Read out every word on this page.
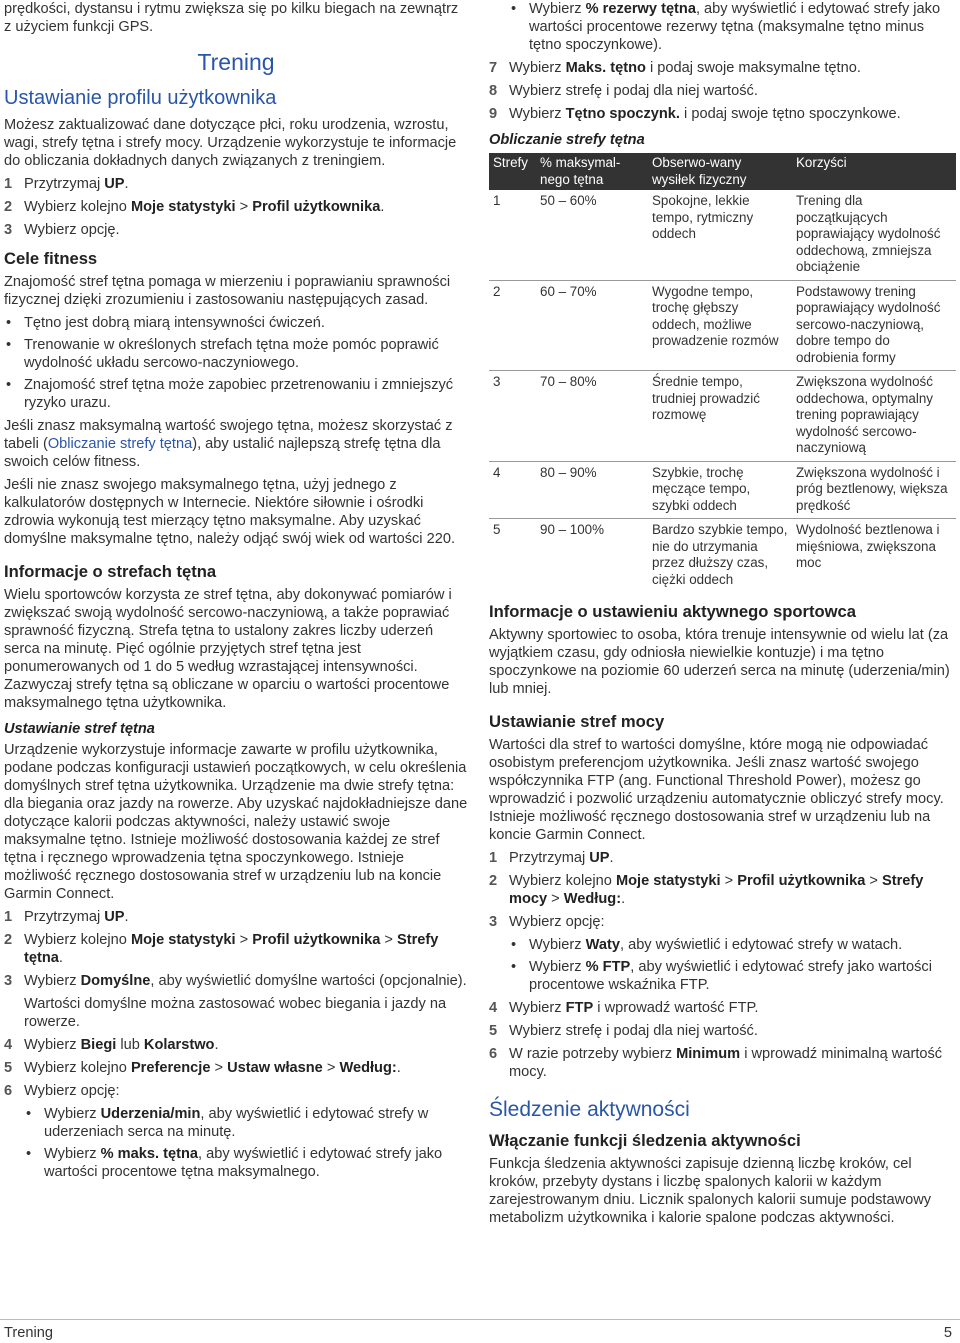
prędkości, dystansu i rytmu zwiększa się po kilku biegach na zewnątrz z użyciem funkcji GPS.

Trening
Ustawianie profilu użytkownika

Możesz zaktualizować dane dotyczące płci, roku urodzenia, wzrostu, wagi, strefy tętna i strefy mocy. Urządzenie wykorzystuje te informacje do obliczania dokładnych danych związanych z treningiem.

1 Przytrzymaj UP.
2 Wybierz kolejno Moje statystyki > Profil użytkownika.
3 Wybierz opcję.
Cele fitness

Znajomość stref tętna pomaga w mierzeniu i poprawianiu sprawności fizycznej dzięki zrozumieniu i zastosowaniu następujących zasad.

• Tętno jest dobrą miarą intensywności ćwiczeń.
• Trenowanie w określonych strefach tętna może pomóc poprawić wydolność układu sercowo-naczyniowego.
• Znajomość stref tętna może zapobiec przetrenowaniu i zmniejszyć ryzyko urazu.

Jeśli znasz maksymalną wartość swojego tętna, możesz skorzystać z tabeli (Obliczanie strefy tętna), aby ustalić najlepszą strefę tętna dla swoich celów fitness.

Jeśli nie znasz swojego maksymalnego tętna, użyj jednego z kalkulatorów dostępnych w Internecie. Niektóre siłownie i ośrodki zdrowia wykonują test mierzący tętno maksymalne. Aby uzyskać domyślne maksymalne tętno, należy odjąć swój wiek od wartości 220.

Informacje o strefach tętna

Wielu sportowców korzysta ze stref tętna, aby dokonywać pomiarów i zwiększać swoją wydolność sercowo-naczyniową, a także poprawiać sprawność fizyczną. Strefa tętna to ustalony zakres liczby uderzeń serca na minutę. Pięć ogólnie przyjętych stref tętna jest ponumerowanych od 1 do 5 według wzrastającej intensywności. Zazwyczaj strefy tętna są obliczane w oparciu o wartości procentowe maksymalnego tętna użytkownika.

Ustawianie stref tętna

Urządzenie wykorzystuje informacje zawarte w profilu użytkownika, podane podczas konfiguracji ustawień początkowych, w celu określenia domyślnych stref tętna użytkownika. Urządzenie ma dwie strefy tętna: dla biegania oraz jazdy na rowerze. Aby uzyskać najdokładniejsze dane dotyczące kalorii podczas aktywności, należy ustawić swoje maksymalne tętno. Istnieje możliwość dostosowania każdej ze stref tętna i ręcznego wprowadzenia tętna spoczynkowego. Istnieje możliwość ręcznego dostosowania stref w urządzeniu lub na koncie Garmin Connect.

1 Przytrzymaj UP.
2 Wybierz kolejno Moje statystyki > Profil użytkownika > Strefy tętna.
3 Wybierz Domyślne, aby wyświetlić domyślne wartości (opcjonalnie).

Wartości domyślne można zastosować wobec biegania i jazdy na rowerze.

4 Wybierz Biegi lub Kolarstwo.
5 Wybierz kolejno Preferencje > Ustaw własne > Według:.
6 Wybierz opcję:
• Wybierz Uderzenia/min, aby wyświetlić i edytować strefy w uderzeniach serca na minutę.
• Wybierz % maks. tętna, aby wyświetlić i edytować strefy jako wartości procentowe tętna maksymalnego.
• Wybierz % rezerwy tętna, aby wyświetlić i edytować strefy jako wartości procentowe rezerwy tętna (maksymalne tętno minus tętno spoczynkowe).
7 Wybierz Maks. tętno i podaj swoje maksymalne tętno.
8 Wybierz strefę i podaj dla niej wartość.
9 Wybierz Tętno spoczynk. i podaj swoje tętno spoczynkowe.
Obliczanie strefy tętna
Strefy	% maksymal-nego tętna	Obserwo-wany wysiłek fizyczny	Korzyści
1	50 – 60%	Spokojne, lekkie tempo, rytmiczny oddech	Trening dla początkujących poprawiający wydolność oddechową, zmniejsza obciążenie
2	60 – 70%	Wygodne tempo, trochę głębszy oddech, możliwe prowadzenie rozmów	Podstawowy trening poprawiający wydolność sercowo-naczyniową, dobre tempo do odrobienia formy
3	70 – 80%	Średnie tempo, trudniej prowadzić rozmowę	Zwiększona wydolność oddechowa, optymalny trening poprawiający wydolność sercowo-naczyniową
4	80 – 90%	Szybkie, trochę męczące tempo, szybki oddech	Zwiększona wydolność i próg beztlenowy, większa prędkość
5	90 – 100%	Bardzo szybkie tempo, nie do utrzymania przez dłuższy czas, ciężki oddech	Wydolność beztlenowa i mięśniowa, zwiększona moc
Informacje o ustawieniu aktywnego sportowca

Aktywny sportowiec to osoba, która trenuje intensywnie od wielu lat (za wyjątkiem czasu, gdy odniosła niewielkie kontuzje) i ma tętno spoczynkowe na poziomie 60 uderzeń serca na minutę (uderzenia/min) lub mniej.

Ustawianie stref mocy

Wartości dla stref to wartości domyślne, które mogą nie odpowiadać osobistym preferencjom użytkownika. Jeśli znasz wartość swojego współczynnika FTP (ang. Functional Threshold Power), możesz go wprowadzić i pozwolić urządzeniu automatycznie obliczyć strefy mocy. Istnieje możliwość ręcznego dostosowania stref w urządzeniu lub na koncie Garmin Connect.

1 Przytrzymaj UP.
2 Wybierz kolejno Moje statystyki > Profil użytkownika > Strefy mocy > Według:.
3 Wybierz opcję:
• Wybierz Waty, aby wyświetlić i edytować strefy w watach.
• Wybierz % FTP, aby wyświetlić i edytować strefy jako wartości procentowe wskaźnika FTP.
4 Wybierz FTP i wprowadź wartość FTP.
5 Wybierz strefę i podaj dla niej wartość.
6 W razie potrzeby wybierz Minimum i wprowadź minimalną wartość mocy.
Śledzenie aktywności
Włączanie funkcji śledzenia aktywności

Funkcja śledzenia aktywności zapisuje dzienną liczbę kroków, cel kroków, przebyty dystans i liczbę spalonych kalorii w każdym zarejestrowanym dniu. Licznik spalonych kalorii sumuje podstawowy metabolizm użytkownika i kalorie spalone podczas aktywności.

Trening	5
